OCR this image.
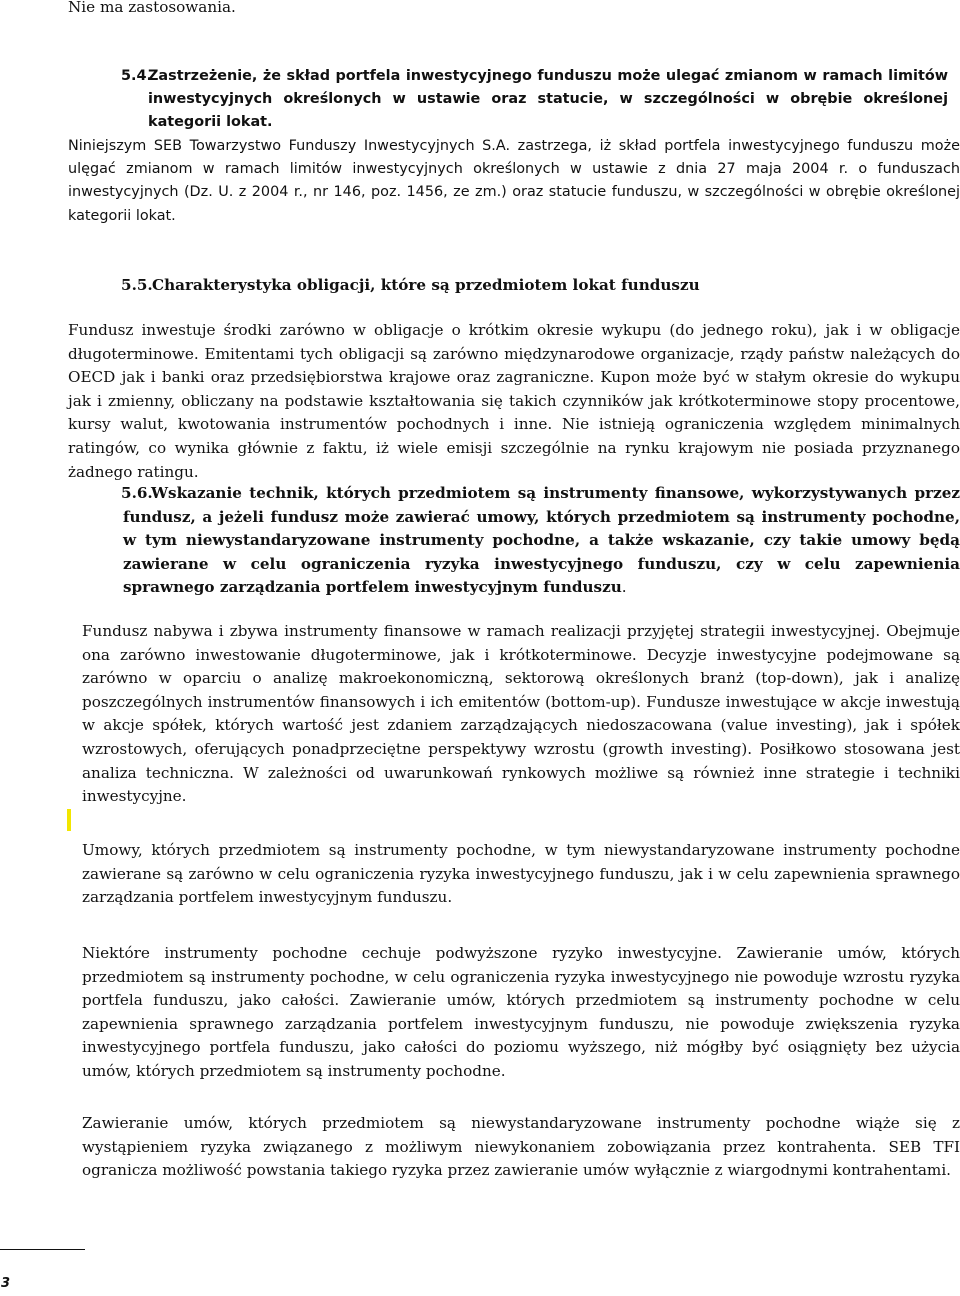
Nie ma zastosowania.

5.4.

Zastrzeżenie, że skład portfela inwestycyjnego funduszu może ulegać zmianom w ramach limitów inwestycyjnych określonych w ustawie oraz statucie, w szczególności w obrębie określonej kategorii lokat.

Niniejszym SEB Towarzystwo Funduszy Inwestycyjnych S.A. zastrzega, iż skład portfela inwestycyjnego funduszu może ulęgać zmianom w ramach limitów inwestycyjnych określonych w ustawie z dnia 27 maja 2004 r. o funduszach inwestycyjnych (Dz. U. z 2004 r., nr 146, poz. 1456, ze zm.) oraz statucie funduszu, w szczególności w obrębie określonej kategorii lokat.

5.5. Charakterystyka obligacji, które są przedmiotem lokat funduszu

Fundusz inwestuje środki zarówno w obligacje o krótkim okresie wykupu (do jednego roku), jak i w obligacje długoterminowe. Emitentami tych obligacji są zarówno międzynarodowe organizacje, rządy państw należących do OECD jak i banki oraz przedsiębiorstwa krajowe oraz zagraniczne. Kupon może być w stałym okresie do wykupu jak i zmienny, obliczany na podstawie kształtowania się takich czynników jak krótkoterminowe stopy procentowe, kursy walut, kwotowania instrumentów pochodnych i inne. Nie istnieją ograniczenia względem minimalnych ratingów, co wynika głównie z faktu, iż wiele emisji szczególnie na rynku krajowym nie posiada przyznanego żadnego ratingu.

5.6.

Wskazanie technik, których przedmiotem są instrumenty finansowe, wykorzystywanych przez fundusz, a jeżeli fundusz może zawierać umowy, których przedmiotem są instrumenty pochodne, w tym niewystandaryzowane instrumenty pochodne, a także wskazanie, czy takie umowy będą zawierane w celu ograniczenia ryzyka inwestycyjnego funduszu, czy w celu zapewnienia sprawnego zarządzania portfelem inwestycyjnym funduszu.

Fundusz nabywa i zbywa instrumenty finansowe w ramach realizacji przyjętej strategii inwestycyjnej. Obejmuje ona zarówno inwestowanie długoterminowe, jak i krótkoterminowe. Decyzje inwestycyjne podejmowane są zarówno w oparciu o analizę makroekonomiczną, sektorową określonych branż (top-down), jak i analizę poszczególnych instrumentów finansowych i ich emitentów (bottom-up). Fundusze inwestujące w akcje inwestują w akcje spółek, których wartość jest zdaniem zarządzających niedoszacowana (value investing), jak i spółek wzrostowych, oferujących ponadprzeciętne perspektywy wzrostu (growth investing). Posiłkowo stosowana jest analiza techniczna. W zależności od uwarunkowań rynkowych możliwe są również inne strategie i techniki inwestycyjne.

Umowy, których przedmiotem są instrumenty pochodne, w tym niewystandaryzowane instrumenty pochodne zawierane są zarówno w celu ograniczenia ryzyka inwestycyjnego funduszu, jak i w celu zapewnienia sprawnego zarządzania portfelem inwestycyjnym funduszu.

Niektóre instrumenty pochodne cechuje podwyższone ryzyko inwestycyjne. Zawieranie umów, których przedmiotem są instrumenty pochodne, w celu ograniczenia ryzyka inwestycyjnego nie powoduje wzrostu ryzyka portfela funduszu, jako całości. Zawieranie umów, których przedmiotem są instrumenty pochodne w celu zapewnienia sprawnego zarządzania portfelem inwestycyjnym funduszu, nie powoduje zwiększenia ryzyka inwestycyjnego portfela funduszu, jako całości do poziomu wyższego, niż mógłby być osiągnięty bez użycia umów, których przedmiotem są instrumenty pochodne.

Zawieranie umów, których przedmiotem są niewystandaryzowane instrumenty pochodne wiąże się z wystąpieniem ryzyka związanego z możliwym niewykonaniem zobowiązania przez kontrahenta. SEB TFI ogranicza możliwość powstania takiego ryzyka przez zawieranie umów wyłącznie z wiargodnymi kontrahentami.

3
